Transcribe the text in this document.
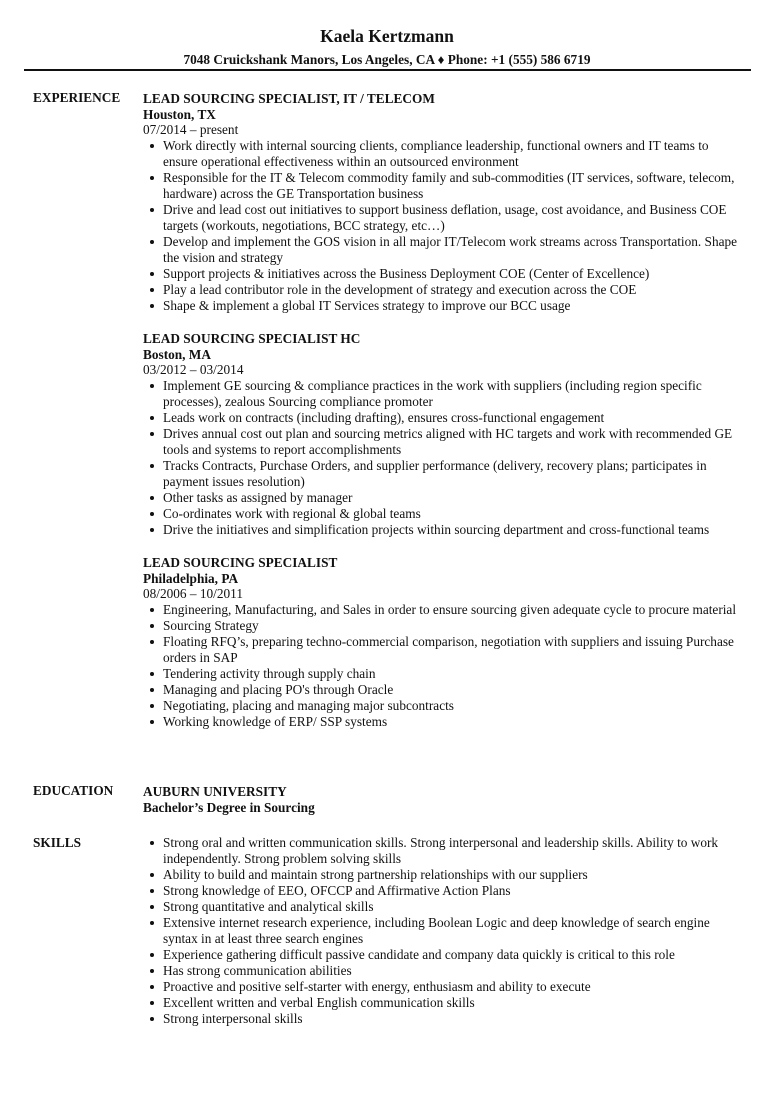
Kaela Kertzmann
7048 Cruickshank Manors, Los Angeles, CA ♦ Phone: +1 (555) 586 6719
EXPERIENCE LEAD SOURCING SPECIALIST, IT / TELECOM
Houston, TX
07/2014 – present
Work directly with internal sourcing clients, compliance leadership, functional owners and IT teams to ensure operational effectiveness within an outsourced environment
Responsible for the IT & Telecom commodity family and sub-commodities (IT services, software, telecom, hardware) across the GE Transportation business
Drive and lead cost out initiatives to support business deflation, usage, cost avoidance, and Business COE targets (workouts, negotiations, BCC strategy, etc…)
Develop and implement the GOS vision in all major IT/Telecom work streams across Transportation. Shape the vision and strategy
Support projects & initiatives across the Business Deployment COE (Center of Excellence)
Play a lead contributor role in the development of strategy and execution across the COE
Shape & implement a global IT Services strategy to improve our BCC usage
LEAD SOURCING SPECIALIST HC
Boston, MA
03/2012 – 03/2014
Implement GE sourcing & compliance practices in the work with suppliers (including region specific processes), zealous Sourcing compliance promoter
Leads work on contracts (including drafting), ensures cross-functional engagement
Drives annual cost out plan and sourcing metrics aligned with HC targets and work with recommended GE tools and systems to report accomplishments
Tracks Contracts, Purchase Orders, and supplier performance (delivery, recovery plans; participates in payment issues resolution)
Other tasks as assigned by manager
Co-ordinates work with regional & global teams
Drive the initiatives and simplification projects within sourcing department and cross-functional teams
LEAD SOURCING SPECIALIST
Philadelphia, PA
08/2006 – 10/2011
Engineering, Manufacturing, and Sales in order to ensure sourcing given adequate cycle to procure material
Sourcing Strategy
Floating RFQ’s, preparing techno-commercial comparison, negotiation with suppliers and issuing Purchase orders in SAP
Tendering activity through supply chain
Managing and placing PO's through Oracle
Negotiating, placing and managing major subcontracts
Working knowledge of ERP/ SSP systems
EDUCATION AUBURN UNIVERSITY
Bachelor’s Degree in Sourcing
SKILLS	Strong oral and written communication skills. Strong interpersonal and leadership skills. Ability to work independently. Strong problem solving skills
Ability to build and maintain strong partnership relationships with our suppliers
Strong knowledge of EEO, OFCCP and Affirmative Action Plans
Strong quantitative and analytical skills
Extensive internet research experience, including Boolean Logic and deep knowledge of search engine syntax in at least three search engines
Experience gathering difficult passive candidate and company data quickly is critical to this role
Has strong communication abilities
Proactive and positive self-starter with energy, enthusiasm and ability to execute
Excellent written and verbal English communication skills
Strong interpersonal skills
